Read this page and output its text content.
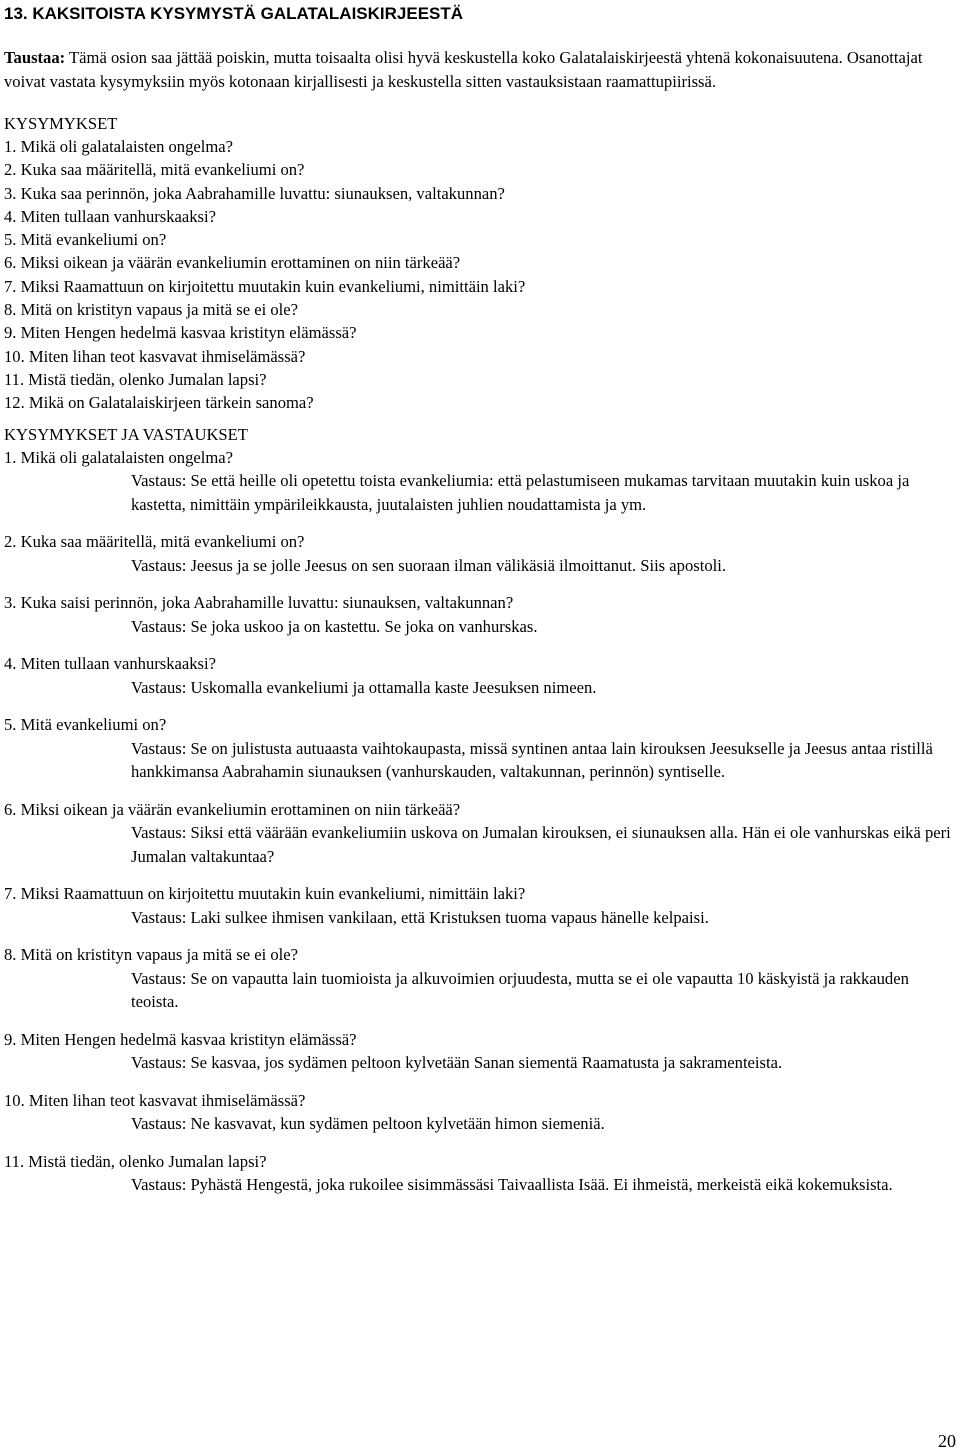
13. KAKSITOISTA KYSYMYSTÄ GALATALAISKIRJEESTÄ
Taustaa: Tämä osion saa jättää poiskin, mutta toisaalta olisi hyvä keskustella koko Galatalaiskirjeestä yhtenä kokonaisuutena. Osanottajat voivat vastata kysymyksiin myös kotonaan kirjallisesti ja keskustella sitten vastauksistaan raamattupiirissä.
KYSYMYKSET
1. Mikä oli galatalaisten ongelma?
2. Kuka saa määritellä, mitä evankeliumi on?
3. Kuka saa perinnön, joka Aabrahamille luvattu: siunauksen, valtakunnan?
4. Miten tullaan vanhurskaaksi?
5. Mitä evankeliumi on?
6. Miksi oikean ja väärän evankeliumin erottaminen on niin tärkeää?
7. Miksi Raamattuun on kirjoitettu muutakin kuin evankeliumi, nimittäin laki?
8. Mitä on kristityn vapaus ja mitä se ei ole?
9. Miten Hengen hedelmä kasvaa kristityn elämässä?
10. Miten lihan teot kasvavat ihmiselämässä?
11. Mistä tiedän, olenko Jumalan lapsi?
12. Mikä on Galatalaiskirjeen tärkein sanoma?
KYSYMYKSET JA VASTAUKSET
1. Mikä oli galatalaisten ongelma?
Vastaus: Se että heille oli opetettu toista evankeliumia: että pelastumiseen mukamas tarvitaan muutakin kuin uskoa ja kastetta, nimittäin ympärileikkausta, juutalaisten juhlien noudattamista ja ym.
2. Kuka saa määritellä, mitä evankeliumi on?
Vastaus: Jeesus ja se jolle Jeesus on sen suoraan ilman välikäsiä ilmoittanut. Siis apostoli.
3. Kuka saisi perinnön, joka Aabrahamille luvattu: siunauksen, valtakunnan?
Vastaus: Se joka uskoo ja on kastettu. Se joka on vanhurskas.
4. Miten tullaan vanhurskaaksi?
Vastaus: Uskomalla evankeliumi ja ottamalla kaste Jeesuksen nimeen.
5. Mitä evankeliumi on?
Vastaus: Se on julistusta autuaasta vaihtokaupasta, missä syntinen antaa lain kirouksen Jeesukselle ja Jeesus antaa ristillä hankkimansa Aabrahamin siunauksen (vanhurskauden, valtakunnan, perinnön) syntiselle.
6. Miksi oikean ja väärän evankeliumin erottaminen on niin tärkeää?
Vastaus: Siksi että väärään evankeliumiin uskova on Jumalan kirouksen, ei siunauksen alla. Hän ei ole vanhurskas eikä peri Jumalan valtakuntaa?
7. Miksi Raamattuun on kirjoitettu muutakin kuin evankeliumi, nimittäin laki?
Vastaus: Laki sulkee ihmisen vankilaan, että Kristuksen tuoma vapaus hänelle kelpaisi.
8. Mitä on kristityn vapaus ja mitä se ei ole?
Vastaus: Se on vapautta lain tuomioista ja alkuvoimien orjuudesta, mutta se ei ole vapautta 10 käskyistä ja rakkauden teoista.
9. Miten Hengen hedelmä kasvaa kristityn elämässä?
Vastaus: Se kasvaa, jos sydämen peltoon kylvetään Sanan siementä Raamatusta ja sakramenteista.
10. Miten lihan teot kasvavat ihmiselämässä?
Vastaus: Ne kasvavat, kun sydämen peltoon kylvetään himon siemeniä.
11. Mistä tiedän, olenko Jumalan lapsi?
Vastaus: Pyhästä Hengestä, joka rukoilee sisimmässäsi Taivaallista Isää. Ei ihmeistä, merkeistä eikä kokemuksista.
20
